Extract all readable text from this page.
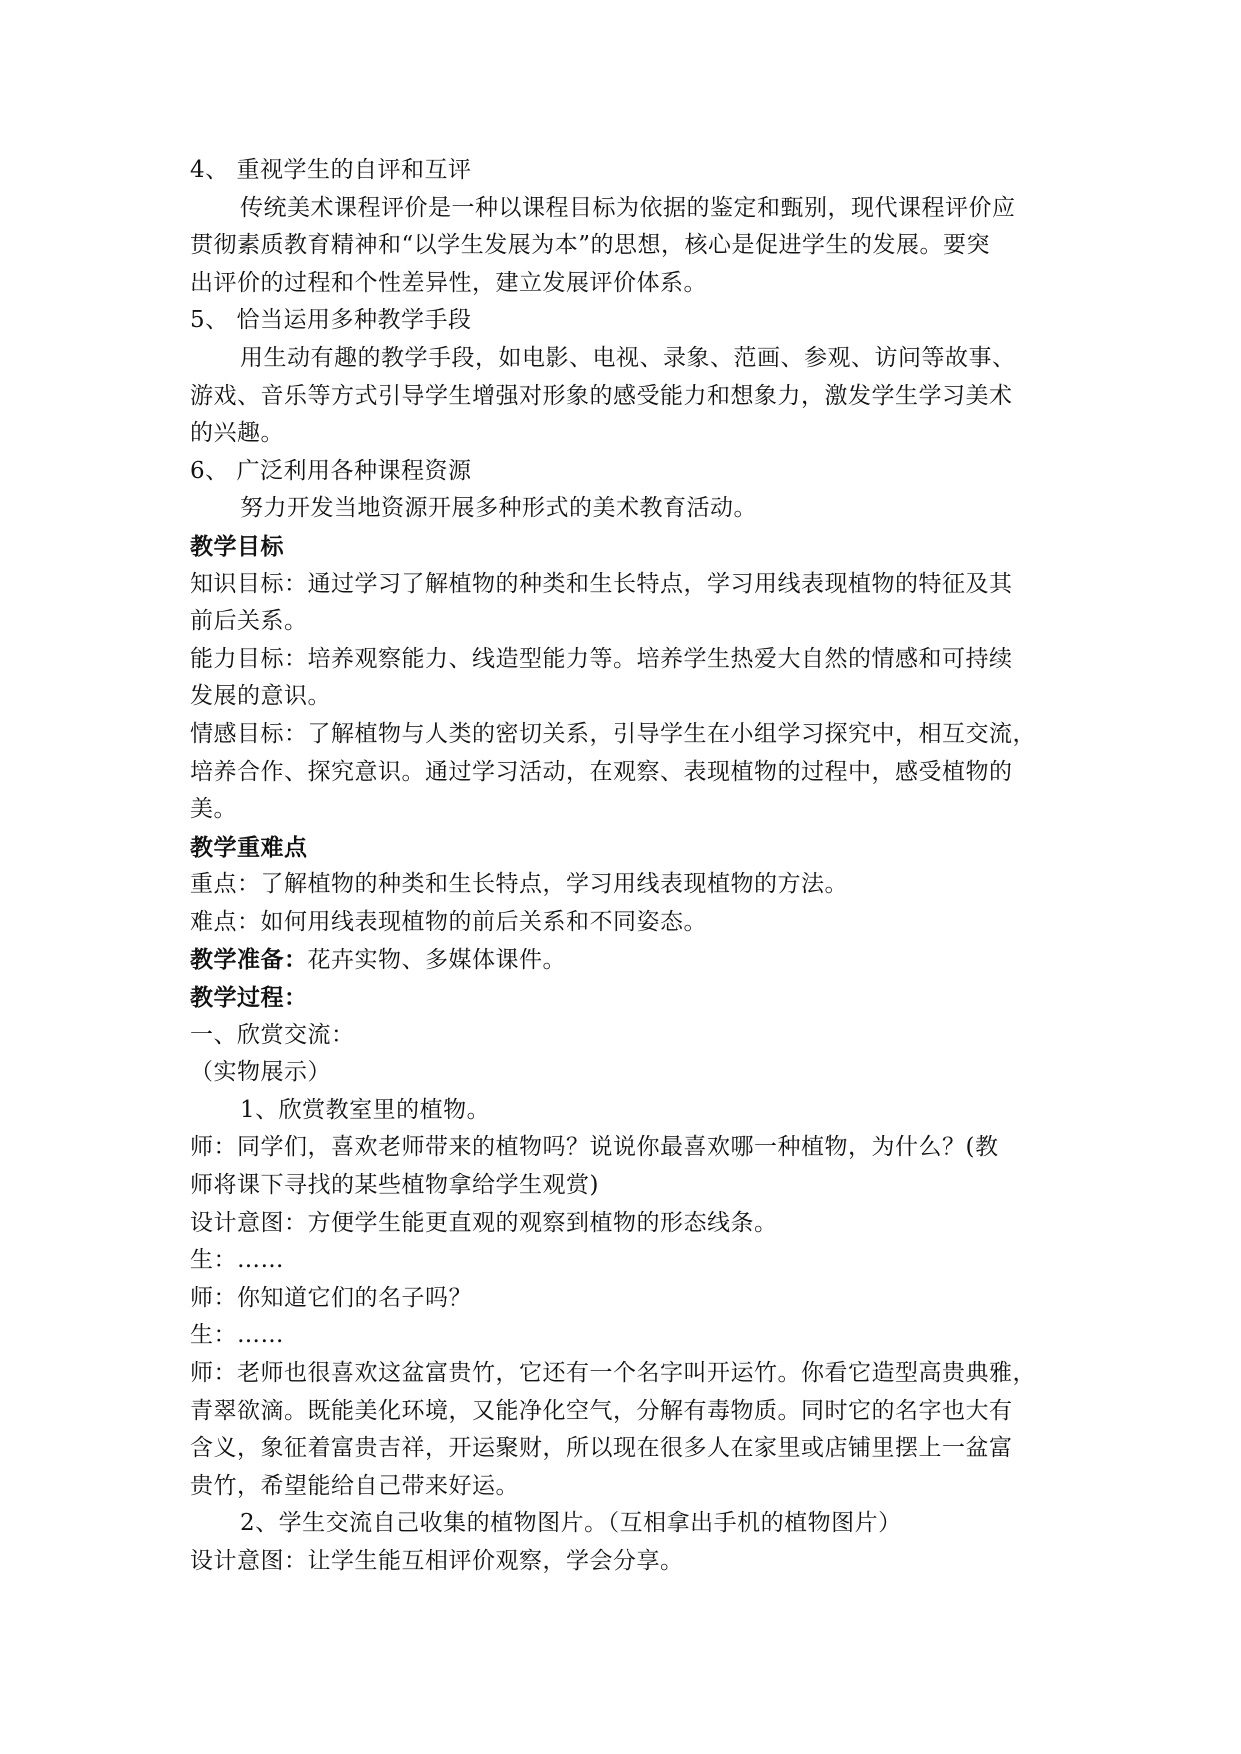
4、 重视学生的自评和互评
传统美术课程评价是一种以课程目标为依据的鉴定和甄别，现代课程评价应
贯彻素质教育精神和“以学生发展为本”的思想，核心是促进学生的发展。要突
出评价的过程和个性差异性，建立发展评价体系。
5、 恰当运用多种教学手段
用生动有趣的教学手段，如电影、电视、录象、范画、参观、访问等故事、
游戏、音乐等方式引导学生增强对形象的感受能力和想象力，激发学生学习美术
的兴趣。
6、 广泛利用各种课程资源
努力开发当地资源开展多种形式的美术教育活动。
教学目标
知识目标：通过学习了解植物的种类和生长特点，学习用线表现植物的特征及其
前后关系。
能力目标：培养观察能力、线造型能力等。培养学生热爱大自然的情感和可持续
发展的意识。
情感目标：了解植物与人类的密切关系，引导学生在小组学习探究中，相互交流，
培养合作、探究意识。通过学习活动，在观察、表现植物的过程中，感受植物的
美。
教学重难点
重点：了解植物的种类和生长特点，学习用线表现植物的方法。
难点：如何用线表现植物的前后关系和不同姿态。
教学准备：花卉实物、多媒体课件。
教学过程：
一、欣赏交流：
（实物展示）
1、欣赏教室里的植物。
师：同学们，喜欢老师带来的植物吗？说说你最喜欢哪一种植物，为什么？(教
师将课下寻找的某些植物拿给学生观赏)
设计意图：方便学生能更直观的观察到植物的形态线条。
生：……
师：你知道它们的名子吗？
生：……
师：老师也很喜欢这盆富贵竹，它还有一个名字叫开运竹。你看它造型高贵典雅，
青翠欲滴。既能美化环境，又能净化空气，分解有毒物质。同时它的名字也大有
含义，象征着富贵吉祥，开运聚财，所以现在很多人在家里或店铺里摆上一盆富
贵竹，希望能给自己带来好运。
2、学生交流自己收集的植物图片。（互相拿出手机的植物图片）
设计意图：让学生能互相评价观察，学会分享。
